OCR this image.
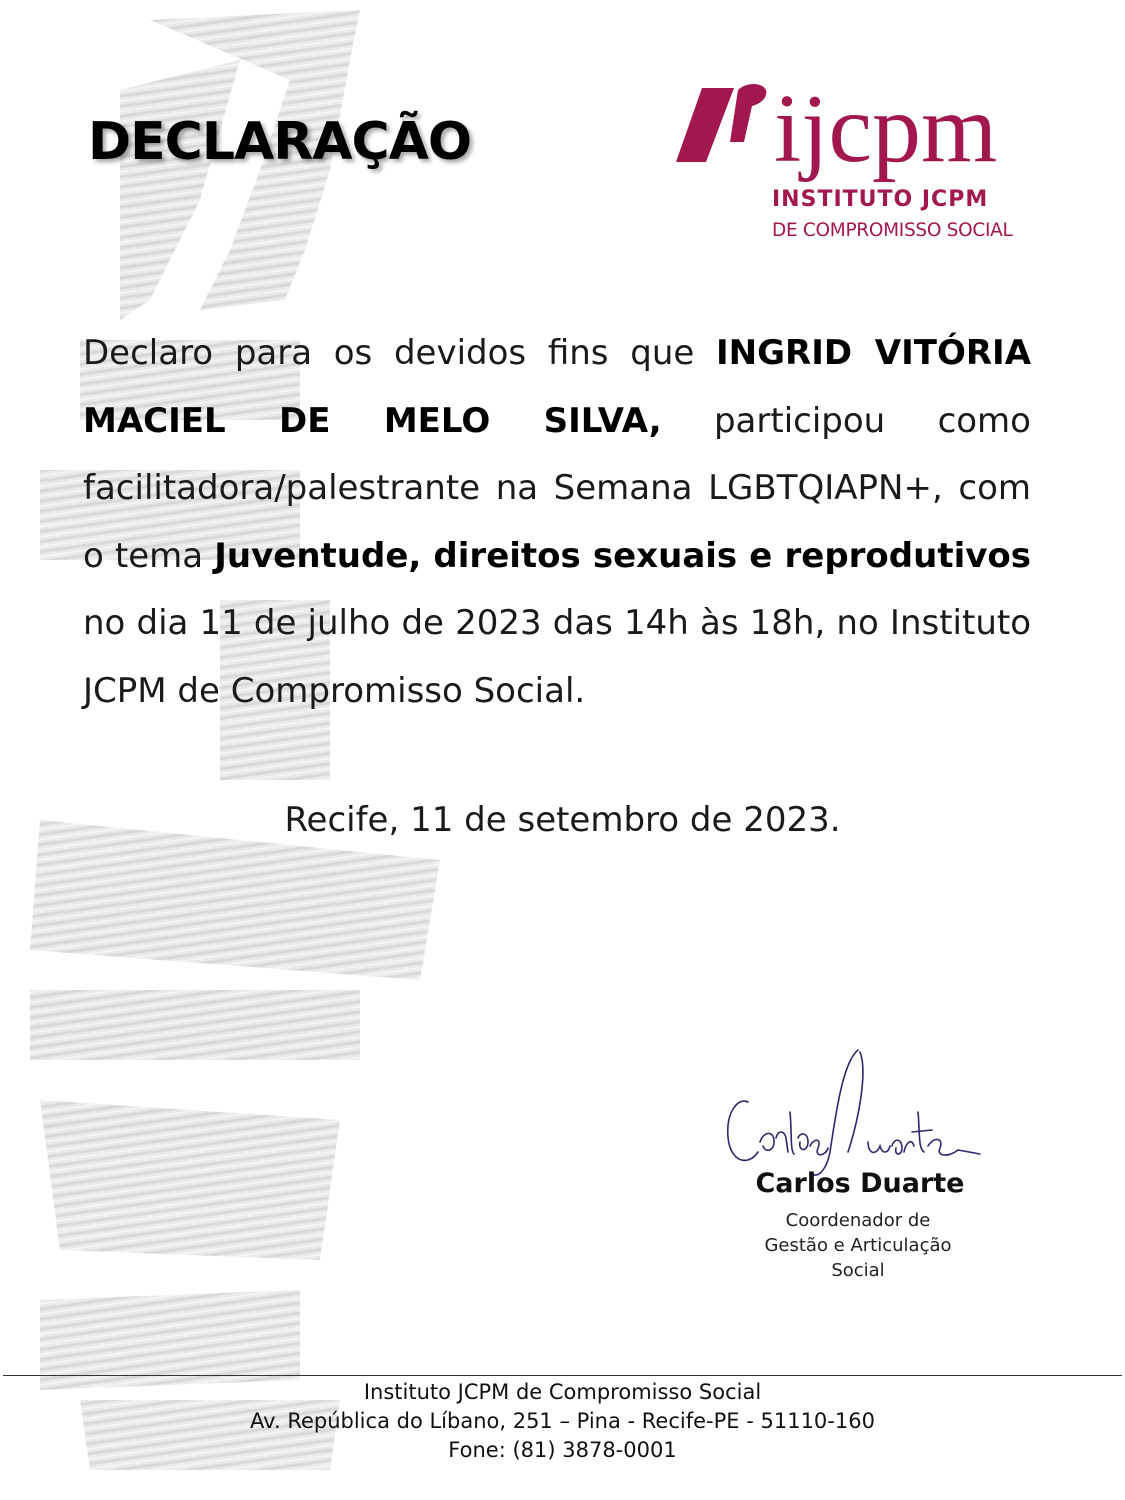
DECLARAÇÃO	ijcpm
INSTITUTO JCPM
DE COMPROMISSO SOCIAL
Declaro para os devidos fins que INGRID VITÓRIA MACIEL DE MELO SILVA, participou como facilitadora/palestrante na Semana LGBTQIAPN+, com o tema Juventude, direitos sexuais e reprodutivos no dia 11 de julho de 2023 das 14h às 18h, no Instituto JCPM de Compromisso Social.
Recife, 11 de setembro de 2023.
Carlos Duarte
Coordenador de
Gestão e Articulação
Social
Instituto JCPM de Compromisso Social
Av. República do Líbano, 251 – Pina - Recife-PE - 51110-160
Fone: (81) 3878-0001
